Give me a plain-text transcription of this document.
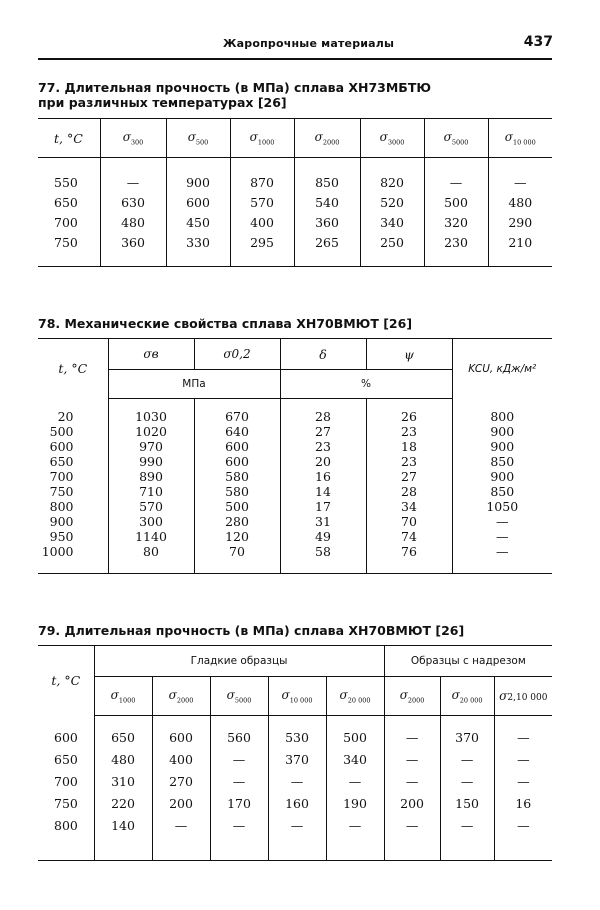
Жаропрочные материалы	437
77. Длительная прочность (в МПа) сплава ХН73МБТЮ
при различных температурах [26]
t, °C	$\sigma_{300}$	$\sigma_{500}$	$\sigma_{1000}$	$\sigma_{2000}$	$\sigma_{3000}$	$\sigma_{5000}$	$\sigma_{10 000}$

550	—	900	870	850	820	—	—
650	630	600	570	540	520	500	480
700	480	450	400	360	340	320	290
750	360	330	295	265	250	230	210

78. Механические свойства сплава ХН70ВМЮТ [26]
t, °C	σв	σ0,2	δ	ψ	KCU, кДж/м²
	МПа		%		

20	1030	670	28	26	800
500	1020	640	27	23	900
600	970	600	23	18	900
650	990	600	20	23	850
700	890	580	16	27	900
750	710	580	14	28	850
800	570	500	17	34	1050
900	300	280	31	70	—
950	1140	120	49	74	—
1000	80	70	58	76	—

79. Длительная прочность (в МПа) сплава ХН70ВМЮТ [26]
t, °C	Гладкие образцы					Образцы с надрезом		
	$\sigma_{1000}$	$\sigma_{2000}$	$\sigma_{5000}$	$\sigma_{10 000}$	$\sigma_{20 000}$	$\sigma_{2000}$	$\sigma_{20 000}$	σ2,10 000

600	650	600	560	530	500	—	370	—
650	480	400	—	370	340	—	—	—
700	310	270	—	—	—	—	—	—
750	220	200	170	160	190	200	150	16
800	140	—	—	—	—	—	—	—
